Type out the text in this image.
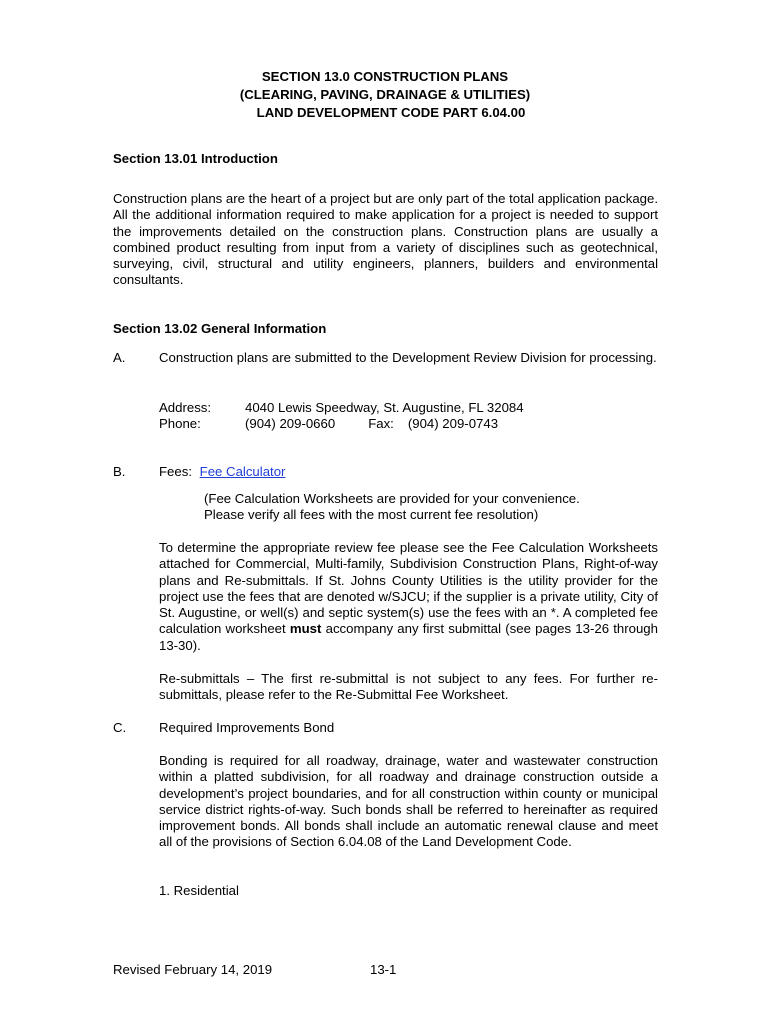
SECTION 13.0 CONSTRUCTION PLANS
(CLEARING, PAVING, DRAINAGE & UTILITIES)
LAND DEVELOPMENT CODE PART 6.04.00
Section 13.01 Introduction
Construction plans are the heart of a project but are only part of the total application package. All the additional information required to make application for a project is needed to support the improvements detailed on the construction plans. Construction plans are usually a combined product resulting from input from a variety of disciplines such as geotechnical, surveying, civil, structural and utility engineers, planners, builders and environmental consultants.
Section 13.02 General Information
A.	Construction plans are submitted to the Development Review Division for processing.
Address:	4040 Lewis Speedway, St. Augustine, FL 32084
Phone:	(904) 209-0660	Fax: (904) 209-0743
B.	Fees: Fee Calculator
(Fee Calculation Worksheets are provided for your convenience.
Please verify all fees with the most current fee resolution)
To determine the appropriate review fee please see the Fee Calculation Worksheets attached for Commercial, Multi-family, Subdivision Construction Plans, Right-of-way plans and Re-submittals. If St. Johns County Utilities is the utility provider for the project use the fees that are denoted w/SJCU; if the supplier is a private utility, City of St. Augustine, or well(s) and septic system(s) use the fees with an *. A completed fee calculation worksheet must accompany any first submittal (see pages 13-26 through 13-30).
Re-submittals – The first re-submittal is not subject to any fees. For further re-submittals, please refer to the Re-Submittal Fee Worksheet.
C. Required Improvements Bond
Bonding is required for all roadway, drainage, water and wastewater construction within a platted subdivision, for all roadway and drainage construction outside a development’s project boundaries, and for all construction within county or municipal service district rights-of-way. Such bonds shall be referred to hereinafter as required improvement bonds. All bonds shall include an automatic renewal clause and meet all of the provisions of Section 6.04.08 of the Land Development Code.
1. Residential
Revised February 14, 2019	13-1
